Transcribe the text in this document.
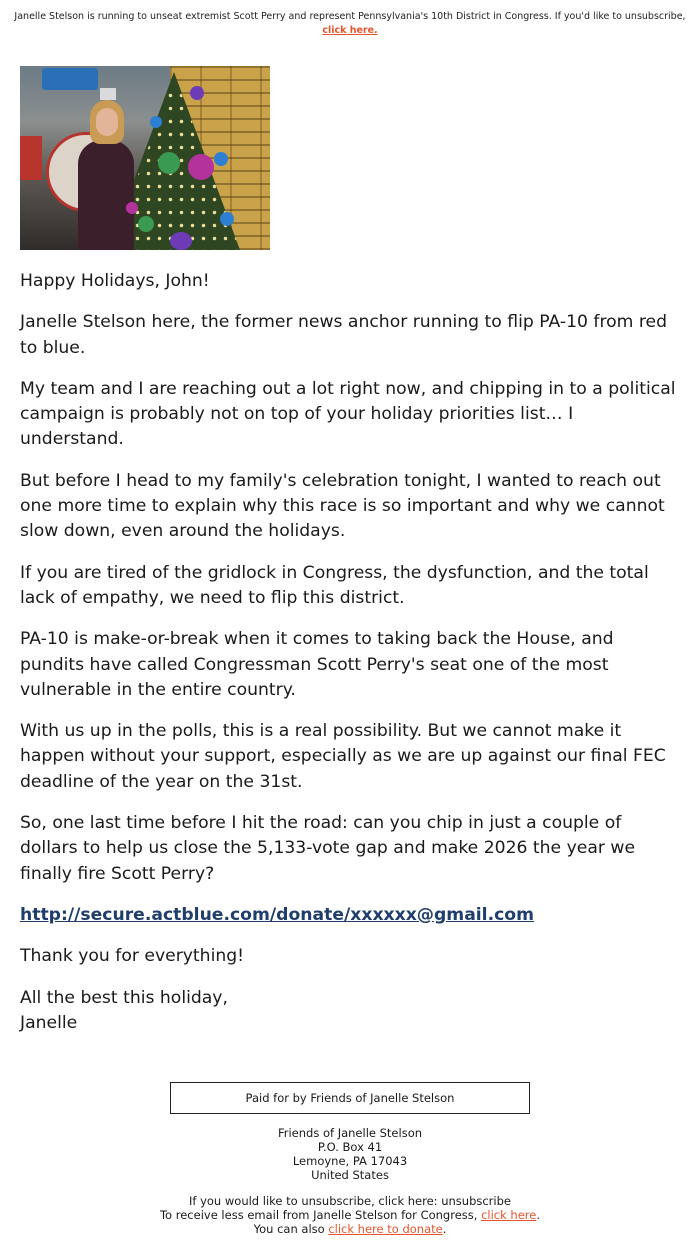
Janelle Stelson is running to unseat extremist Scott Perry and represent Pennsylvania's 10th District in Congress. If you'd like to unsubscribe,
click here.

Happy Holidays, John!

Janelle Stelson here, the former news anchor running to flip PA-10 from red to blue.

My team and I are reaching out a lot right now, and chipping in to a political campaign is probably not on top of your holiday priorities list… I understand.

But before I head to my family's celebration tonight, I wanted to reach out one more time to explain why this race is so important and why we cannot slow down, even around the holidays.

If you are tired of the gridlock in Congress, the dysfunction, and the total lack of empathy, we need to flip this district.

PA-10 is make-or-break when it comes to taking back the House, and pundits have called Congressman Scott Perry's seat one of the most vulnerable in the entire country.

With us up in the polls, this is a real possibility. But we cannot make it happen without your support, especially as we are up against our final FEC deadline of the year on the 31st.

So, one last time before I hit the road: can you chip in just a couple of dollars to help us close the 5,133-vote gap and make 2026 the year we finally fire Scott Perry?

http://secure.actblue.com/donate/xxxxxx@gmail.com

Thank you for everything!

All the best this holiday,
Janelle

Paid for by Friends of Janelle Stelson
Friends of Janelle Stelson
P.O. Box 41
Lemoyne, PA 17043
United States
If you would like to unsubscribe, click here: unsubscribe
To receive less email from Janelle Stelson for Congress, click here.
You can also click here to donate.
